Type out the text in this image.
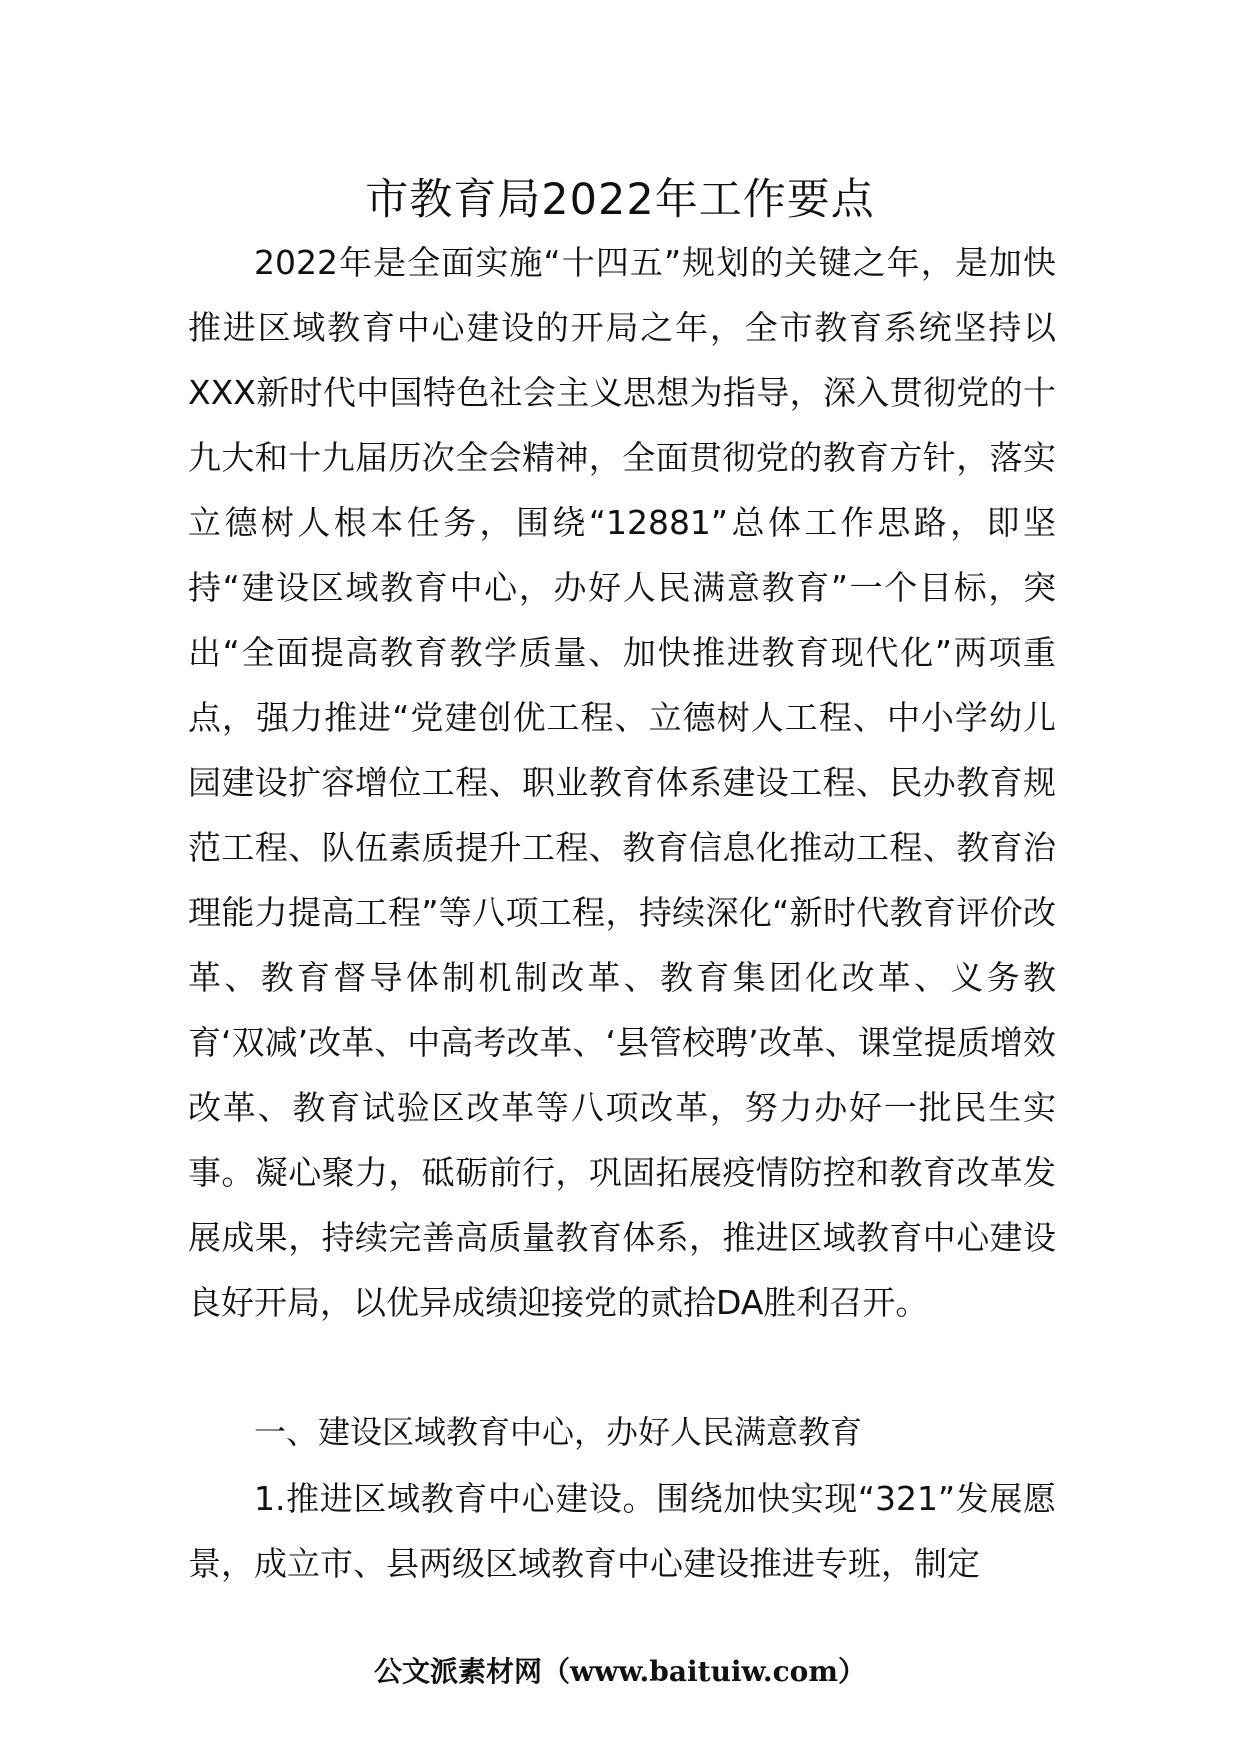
市教育局2022年工作要点

2022年是全面实施“十四五”规划的关键之年，是加快推进区域教育中心建设的开局之年，全市教育系统坚持以XXX新时代中国特色社会主义思想为指导，深入贯彻党的十九大和十九届历次全会精神，全面贯彻党的教育方针，落实立德树人根本任务，围绕“12881”总体工作思路，即坚持“建设区域教育中心，办好人民满意教育”一个目标，突出“全面提高教育教学质量、加快推进教育现代化”两项重点，强力推进“党建创优工程、立德树人工程、中小学幼儿园建设扩容增位工程、职业教育体系建设工程、民办教育规范工程、队伍素质提升工程、教育信息化推动工程、教育治理能力提高工程”等八项工程，持续深化“新时代教育评价改革、教育督导体制机制改革、教育集团化改革、义务教育‘双减’改革、中高考改革、‘县管校聘’改革、课堂提质增效改革、教育试验区改革等八项改革，努力办好一批民生实事。凝心聚力，砥砺前行，巩固拓展疫情防控和教育改革发展成果，持续完善高质量教育体系，推进区域教育中心建设良好开局，以优异成绩迎接党的贰拾DA胜利召开。

一、建设区域教育中心，办好人民满意教育

1.推进区域教育中心建设。围绕加快实现“321”发展愿景，成立市、县两级区域教育中心建设推进专班，制定

公文派素材网（www.baituiw.com）
